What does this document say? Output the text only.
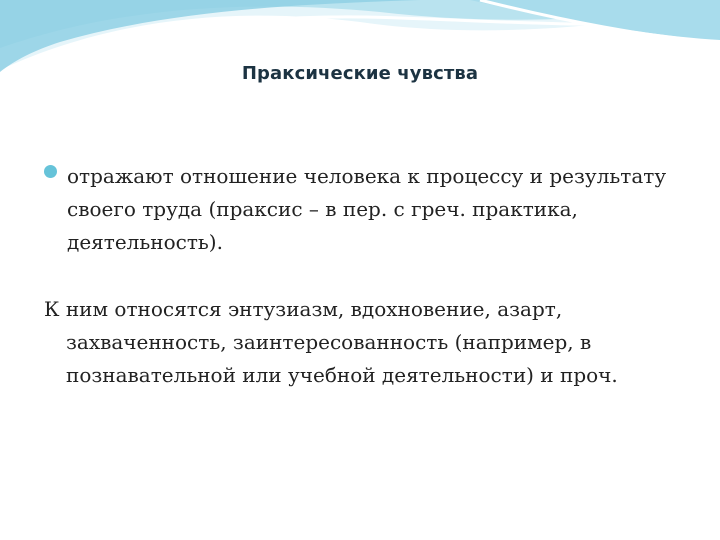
Праксические чувства
отражают отношение человека к процессу и результату своего труда (праксис – в пер. с греч. практика, деятельность).
К ним относятся энтузиазм, вдохновение, азарт, захваченность, заинтересованность (например, в познавательной или учебной деятельности) и проч.
